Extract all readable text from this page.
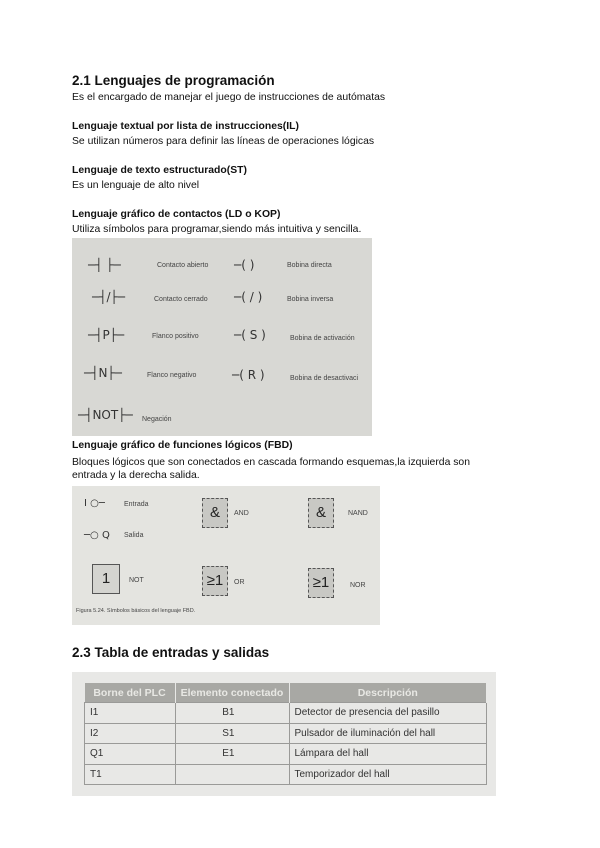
2.1 Lenguajes de programación
Es el encargado de manejar el juego de instrucciones de autómatas
Lenguaje textual por lista de instrucciones(IL)
Se utilizan números para definir las líneas de operaciones lógicas
Lenguaje de texto estructurado(ST)
Es un lenguaje de alto nivel
Lenguaje gráfico de contactos (LD o KOP)
Utiliza símbolos para programar,siendo más intuitiva y sencilla.
─┤ ├─	Contacto abierto ─( )	Bobina directa
─┤/├─	Contacto cerrado ─( / )	Bobina inversa
─┤P├─	Flanco positivo	─( S )	Bobina de activación
─┤N├─	Flanco negativo	─( R )	Bobina de desactivaci
─┤NOT├─ Negación
Lenguaje gráfico de funciones lógicos (FBD)
Bloques lógicos que son conectados en cascada formando esquemas,la izquierda son
entrada y la derecha salida.
I ○─	Entrada
─○ Q Salida
&	AND	&	NAND
1	NOT	≥1	OR	≥1	NOR
Figura 5.24. Símbolos básicos del lenguaje FBD.
2.3 Tabla de entradas y salidas
Borne del PLC	Elemento conectado	Descripción
I1	B1	Detector de presencia del pasillo
I2	S1	Pulsador de iluminación del hall
Q1	E1	Lámpara del hall
T1		Temporizador del hall
